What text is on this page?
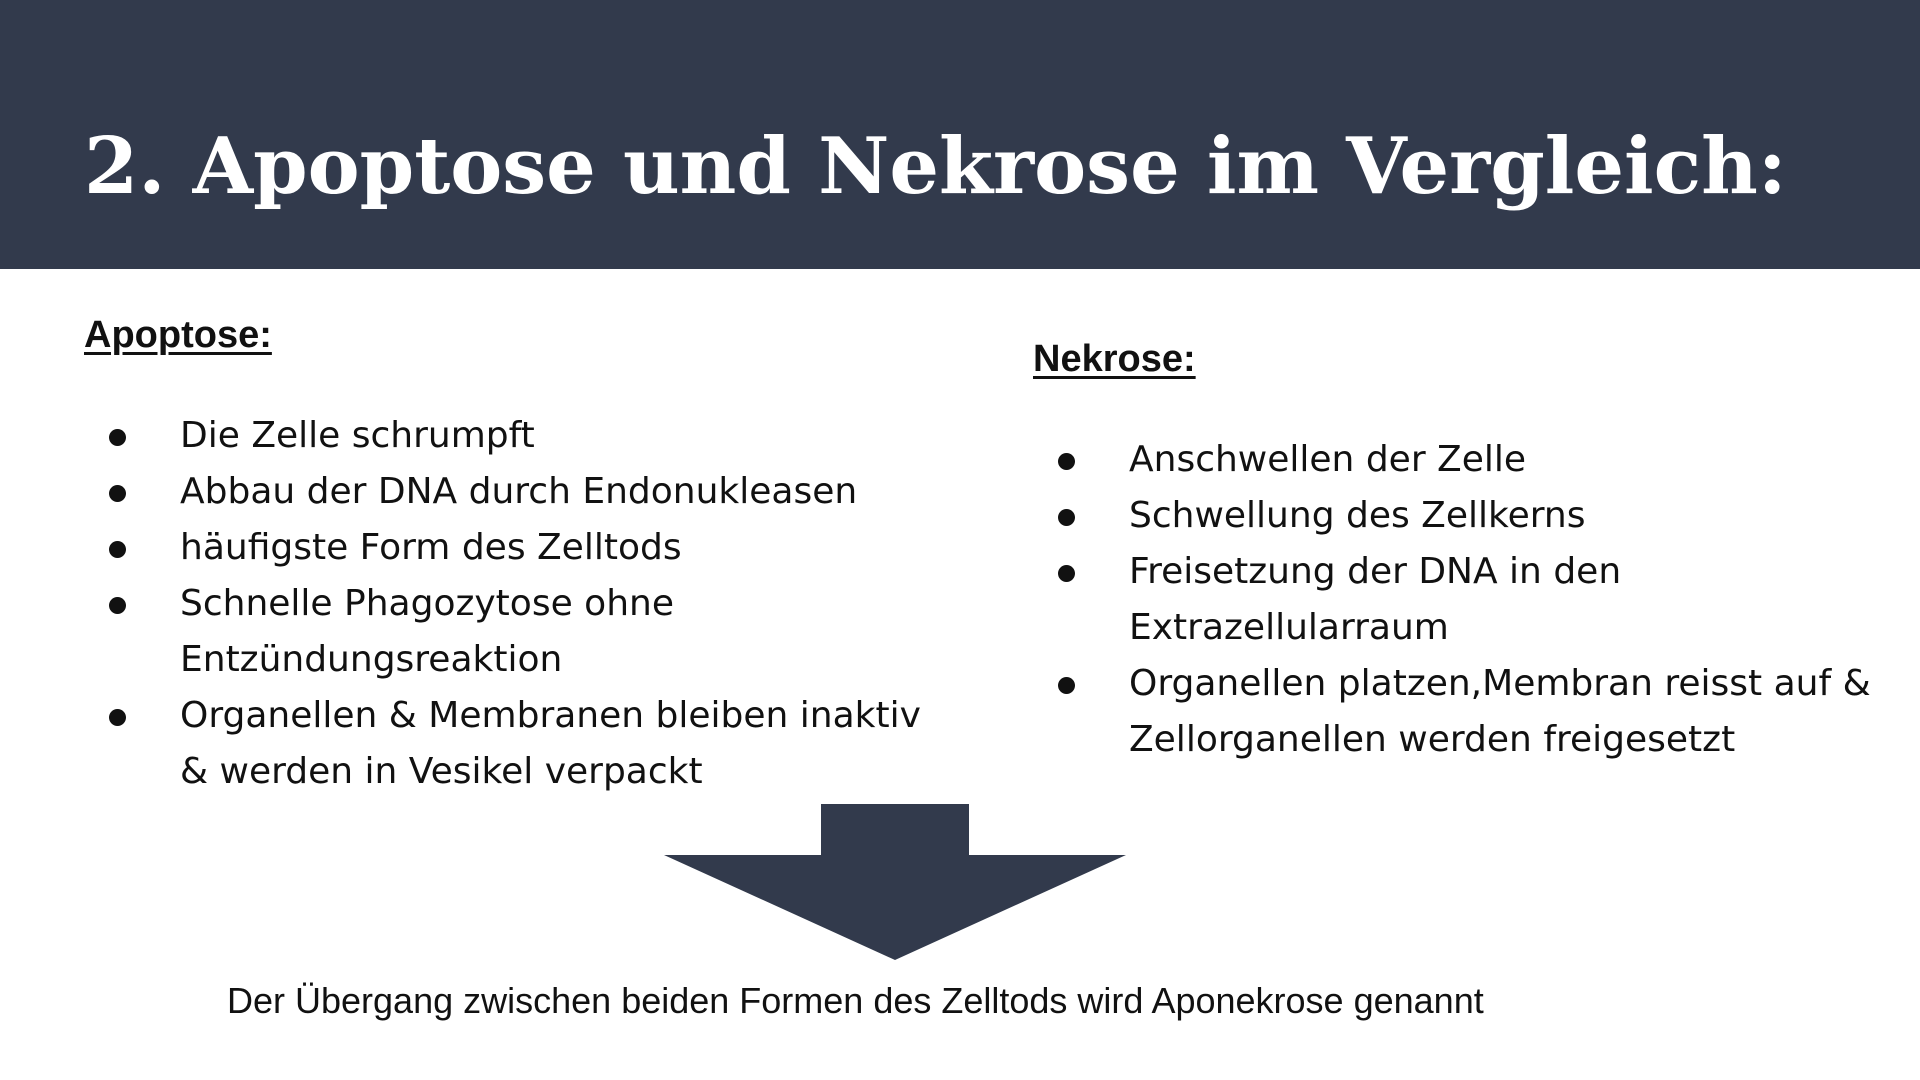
2. Apoptose und Nekrose im Vergleich:
Apoptose:
Die Zelle schrumpft
Abbau der DNA durch Endonukleasen
häufigste Form des Zelltods
Schnelle Phagozytose ohne Entzündungsreaktion
Organellen & Membranen bleiben inaktiv & werden in Vesikel verpackt
Nekrose:
Anschwellen der Zelle
Schwellung des Zellkerns
Freisetzung der DNA in den Extrazellularraum
Organellen platzen,Membran reisst auf & Zellorganellen werden freigesetzt

Der Übergang zwischen beiden Formen des Zelltods wird Aponekrose genannt
